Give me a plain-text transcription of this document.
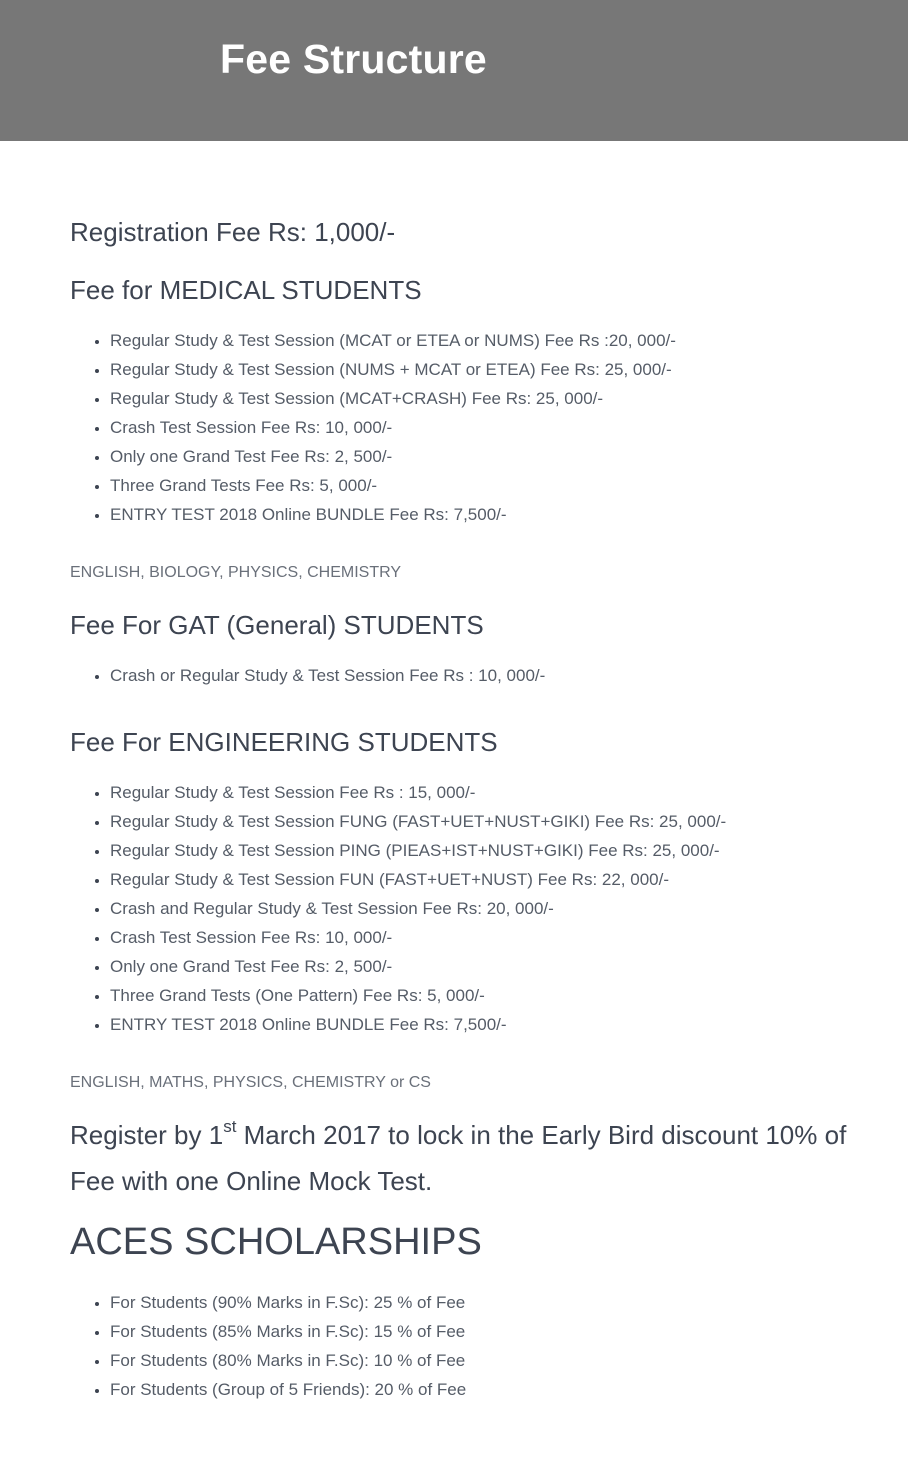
Fee Structure
Registration Fee Rs: 1,000/-
Fee for MEDICAL STUDENTS
• Regular Study & Test Session (MCAT or ETEA or NUMS) Fee Rs :20, 000/-
• Regular Study & Test Session (NUMS + MCAT or ETEA) Fee Rs: 25, 000/-
• Regular Study & Test Session (MCAT+CRASH) Fee Rs: 25, 000/-
• Crash Test Session Fee Rs: 10, 000/-
• Only one Grand Test Fee Rs: 2, 500/-
• Three Grand Tests Fee Rs: 5, 000/-
• ENTRY TEST 2018 Online BUNDLE Fee Rs: 7,500/-
ENGLISH, BIOLOGY, PHYSICS, CHEMISTRY
Fee For GAT (General) STUDENTS
• Crash or Regular Study & Test Session Fee Rs : 10, 000/-
Fee For ENGINEERING STUDENTS
• Regular Study & Test Session Fee Rs : 15, 000/-
• Regular Study & Test Session FUNG (FAST+UET+NUST+GIKI) Fee Rs: 25, 000/-
• Regular Study & Test Session PING (PIEAS+IST+NUST+GIKI) Fee Rs: 25, 000/-
• Regular Study & Test Session FUN (FAST+UET+NUST) Fee Rs: 22, 000/-
• Crash and Regular Study & Test Session Fee Rs: 20, 000/-
• Crash Test Session Fee Rs: 10, 000/-
• Only one Grand Test Fee Rs: 2, 500/-
• Three Grand Tests (One Pattern) Fee Rs: 5, 000/-
• ENTRY TEST 2018 Online BUNDLE Fee Rs: 7,500/-
ENGLISH, MATHS, PHYSICS, CHEMISTRY or CS
Register by 1st March 2017 to lock in the Early Bird discount 10% of Fee with one Online Mock Test.
ACES SCHOLARSHIPS
• For Students (90% Marks in F.Sc): 25 % of Fee
• For Students (85% Marks in F.Sc): 15 % of Fee
• For Students (80% Marks in F.Sc): 10 % of Fee
• For Students (Group of 5 Friends): 20 % of Fee
